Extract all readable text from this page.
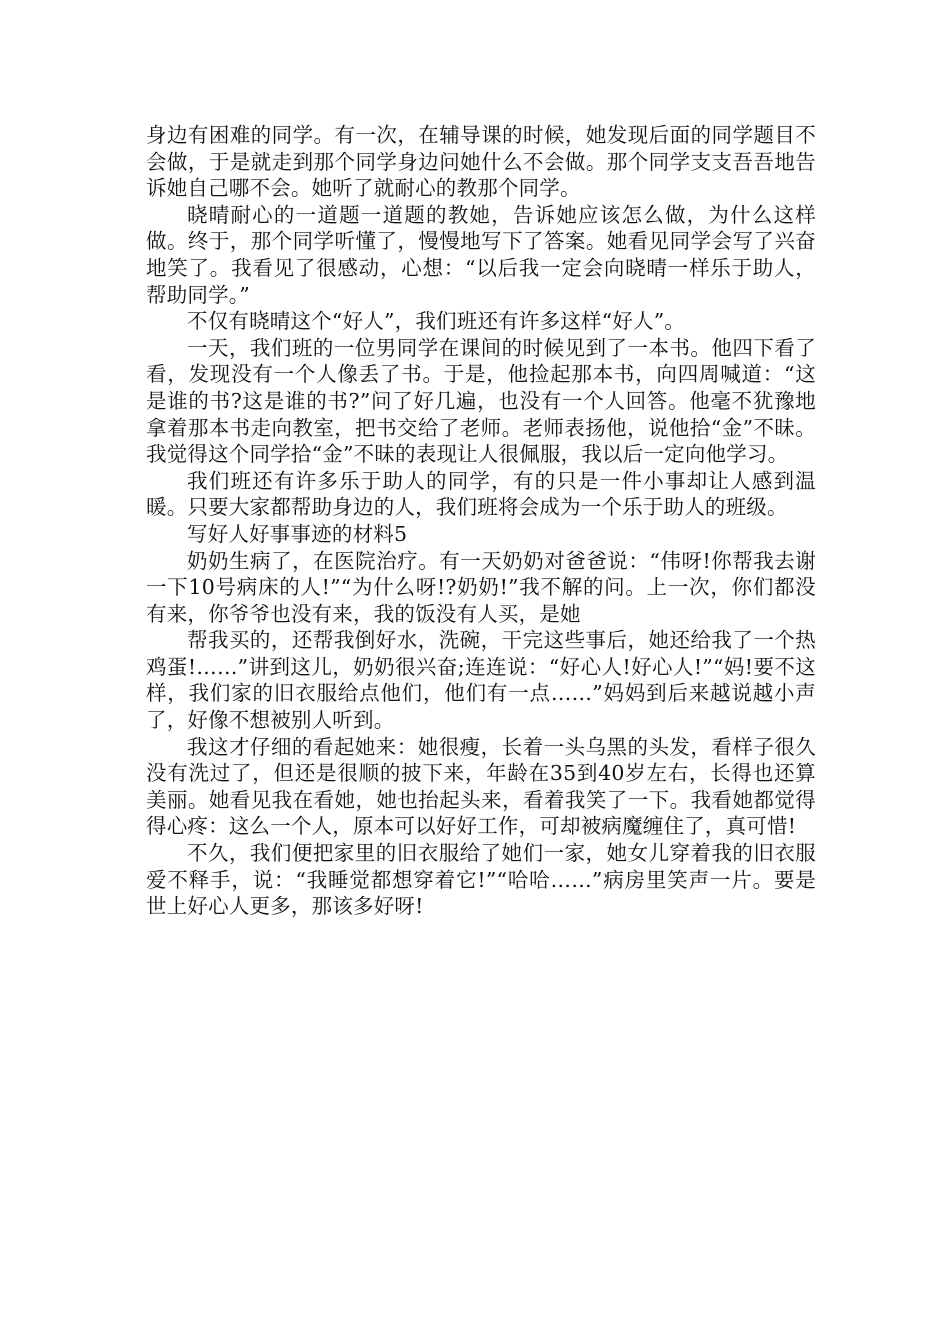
身边有困难的同学。有一次，在辅导课的时候，她发现后面的同学题目不会做，于是就走到那个同学身边问她什么不会做。那个同学支支吾吾地告诉她自己哪不会。她听了就耐心的教那个同学。

晓晴耐心的一道题一道题的教她，告诉她应该怎么做，为什么这样做。终于，那个同学听懂了，慢慢地写下了答案。她看见同学会写了兴奋地笑了。我看见了很感动，心想：“以后我一定会向晓晴一样乐于助人，帮助同学。”

不仅有晓晴这个“好人”，我们班还有许多这样“好人”。

一天，我们班的一位男同学在课间的时候见到了一本书。他四下看了看，发现没有一个人像丢了书。于是，他捡起那本书，向四周喊道：“这是谁的书?这是谁的书?”问了好几遍，也没有一个人回答。他毫不犹豫地拿着那本书走向教室，把书交给了老师。老师表扬他，说他拾“金”不昧。我觉得这个同学拾“金”不昧的表现让人很佩服，我以后一定向他学习。

我们班还有许多乐于助人的同学，有的只是一件小事却让人感到温暖。只要大家都帮助身边的人，我们班将会成为一个乐于助人的班级。

写好人好事事迹的材料5

奶奶生病了，在医院治疗。有一天奶奶对爸爸说：“伟呀!你帮我去谢一下10号病床的人!”“为什么呀!?奶奶!”我不解的问。上一次，你们都没有来，你爷爷也没有来，我的饭没有人买，是她

帮我买的，还帮我倒好水，洗碗，干完这些事后，她还给我了一个热鸡蛋!……”讲到这儿，奶奶很兴奋;连连说：“好心人!好心人!”“妈!要不这样，我们家的旧衣服给点他们，他们有一点……”妈妈到后来越说越小声了，好像不想被别人听到。

我这才仔细的看起她来：她很瘦，长着一头乌黑的头发，看样子很久没有洗过了，但还是很顺的披下来，年龄在35到40岁左右，长得也还算美丽。她看见我在看她，她也抬起头来，看着我笑了一下。我看她都觉得得心疼：这么一个人，原本可以好好工作，可却被病魔缠住了，真可惜!

不久，我们便把家里的旧衣服给了她们一家，她女儿穿着我的旧衣服爱不释手，说：“我睡觉都想穿着它!”“哈哈……”病房里笑声一片。要是世上好心人更多，那该多好呀!
